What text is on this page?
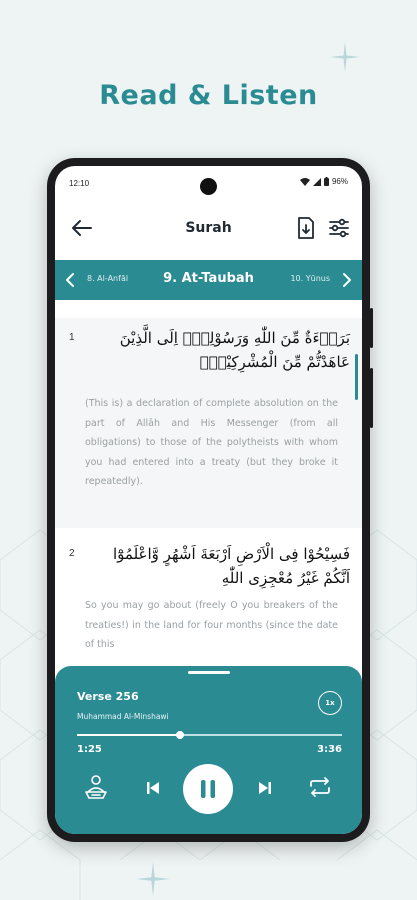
Read & Listen
12:10	96%
Surah
8. Al-Anfāl	9. At-Taubah	10. Yūnus
1	بَرَاۤءَةٌ مِّنَ اللّٰهِ وَرَسُوْلِهٖٓ اِلَى الَّذِيْنَ عَاهَدْتُّمْ مِّنَ الْمُشْرِكِيْنَۗ
(This is) a declaration of complete absolution on the part of Allāh and His Messenger (from all obligations) to those of the polytheists with whom you had entered into a treaty (but they broke it repeatedly).
2	فَسِيْحُوْا فِى الْاَرْضِ اَرْبَعَةَ اَشْهُرٍ وَّاعْلَمُوْٓا اَنَّكُمْ غَيْرُ مُعْجِزِى اللّٰهِ
So you may go about (freely O you breakers of the treaties!) in the land for four months (since the date of this
Verse 256
Muhammad Al-Minshawi
1x
1:25	3:36
